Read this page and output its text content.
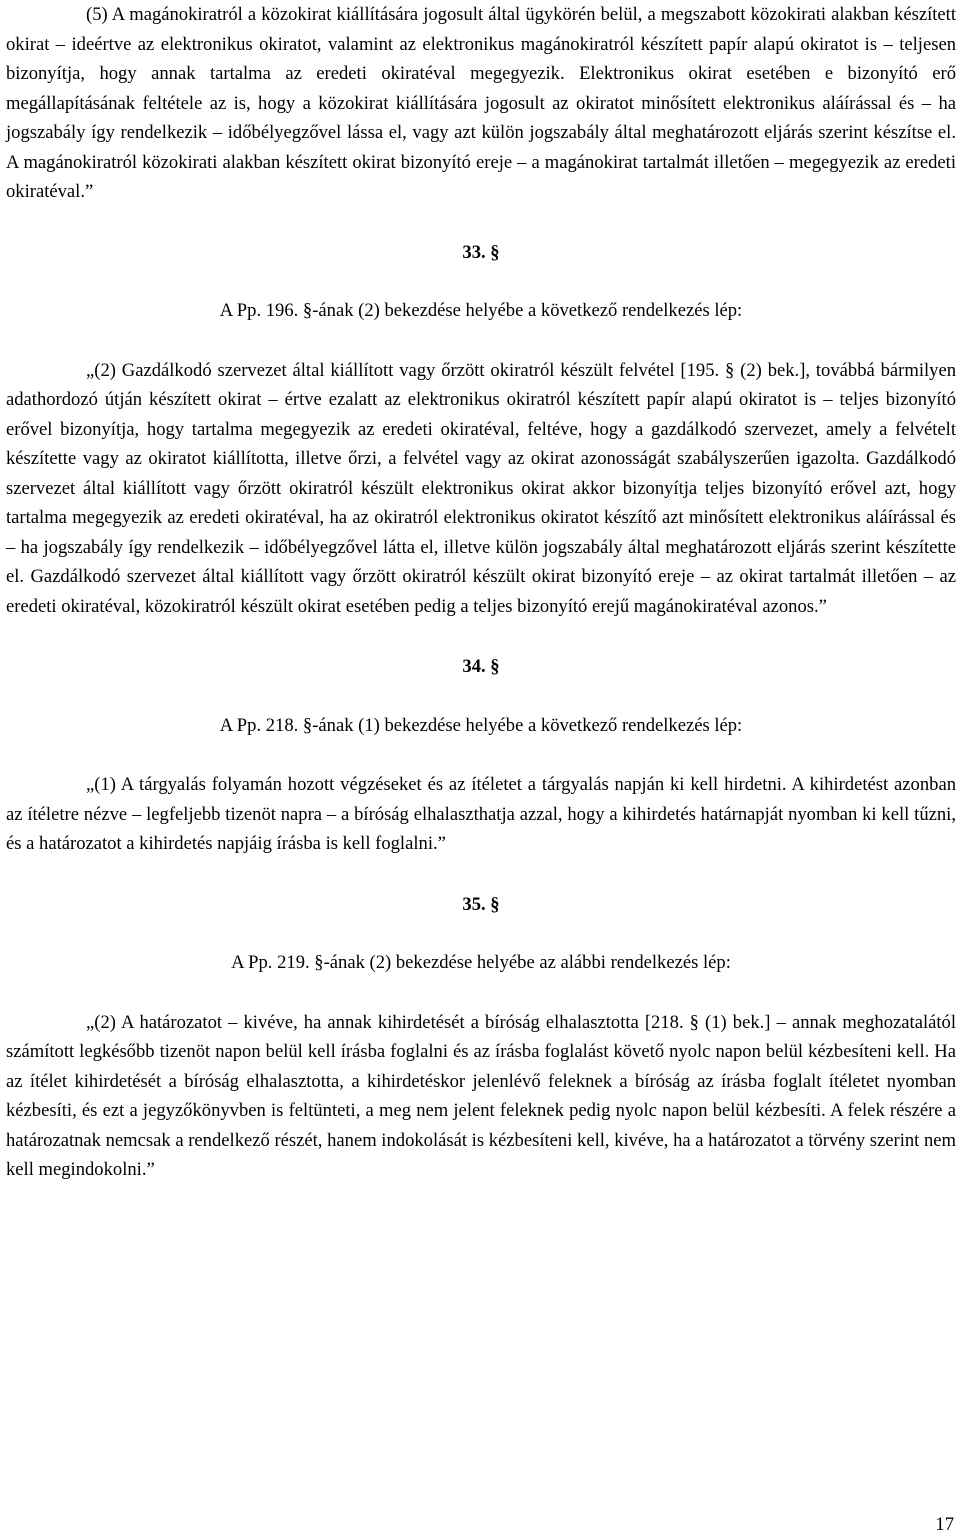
(5) A magánokiratról a közokirat kiállítására jogosult által ügykörén belül, a megszabott közokirati alakban készített okirat – ideértve az elektronikus okiratot, valamint az elektronikus magánokiratról készített papír alapú okiratot is – teljesen bizonyítja, hogy annak tartalma az eredeti okiratéval megegyezik. Elektronikus okirat esetében e bizonyító erő megállapításának feltétele az is, hogy a közokirat kiállítására jogosult az okiratot minősített elektronikus aláírással és – ha jogszabály így rendelkezik – időbélyegzővel lássa el, vagy azt külön jogszabály által meghatározott eljárás szerint készítse el. A magánokiratról közokirati alakban készített okirat bizonyító ereje – a magánokirat tartalmát illetően – megegyezik az eredeti okiratéval.”

33. §

A Pp. 196. §-ának (2) bekezdése helyébe a következő rendelkezés lép:

„(2) Gazdálkodó szervezet által kiállított vagy őrzött okiratról készült felvétel [195. § (2) bek.], továbbá bármilyen adathordozó útján készített okirat – értve ezalatt az elektronikus okiratról készített papír alapú okiratot is – teljes bizonyító erővel bizonyítja, hogy tartalma megegyezik az eredeti okiratéval, feltéve, hogy a gazdálkodó szervezet, amely a felvételt készítette vagy az okiratot kiállította, illetve őrzi, a felvétel vagy az okirat azonosságát szabályszerűen igazolta. Gazdálkodó szervezet által kiállított vagy őrzött okiratról készült elektronikus okirat akkor bizonyítja teljes bizonyító erővel azt, hogy tartalma megegyezik az eredeti okiratéval, ha az okiratról elektronikus okiratot készítő azt minősített elektronikus aláírással és – ha jogszabály így rendelkezik – időbélyegzővel látta el, illetve külön jogszabály által meghatározott eljárás szerint készítette el. Gazdálkodó szervezet által kiállított vagy őrzött okiratról készült okirat bizonyító ereje – az okirat tartalmát illetően – az eredeti okiratéval, közokiratról készült okirat esetében pedig a teljes bizonyító erejű magánokiratéval azonos.”

34. §

A Pp. 218. §-ának (1) bekezdése helyébe a következő rendelkezés lép:

„(1) A tárgyalás folyamán hozott végzéseket és az ítéletet a tárgyalás napján ki kell hirdetni. A kihirdetést azonban az ítéletre nézve – legfeljebb tizenöt napra – a bíróság elhalaszthatja azzal, hogy a kihirdetés határnapját nyomban ki kell tűzni, és a határozatot a kihirdetés napjáig írásba is kell foglalni.”

35. §

A Pp. 219. §-ának (2) bekezdése helyébe az alábbi rendelkezés lép:

„(2) A határozatot – kivéve, ha annak kihirdetését a bíróság elhalasztotta [218. § (1) bek.] – annak meghozatalától számított legkésőbb tizenöt napon belül kell írásba foglalni és az írásba foglalást követő nyolc napon belül kézbesíteni kell. Ha az ítélet kihirdetését a bíróság elhalasztotta, a kihirdetéskor jelenlévő feleknek a bíróság az írásba foglalt ítéletet nyomban kézbesíti, és ezt a jegyzőkönyvben is feltünteti, a meg nem jelent feleknek pedig nyolc napon belül kézbesíti. A felek részére a határozatnak nemcsak a rendelkező részét, hanem indokolását is kézbesíteni kell, kivéve, ha a határozatot a törvény szerint nem kell megindokolni.”

17
